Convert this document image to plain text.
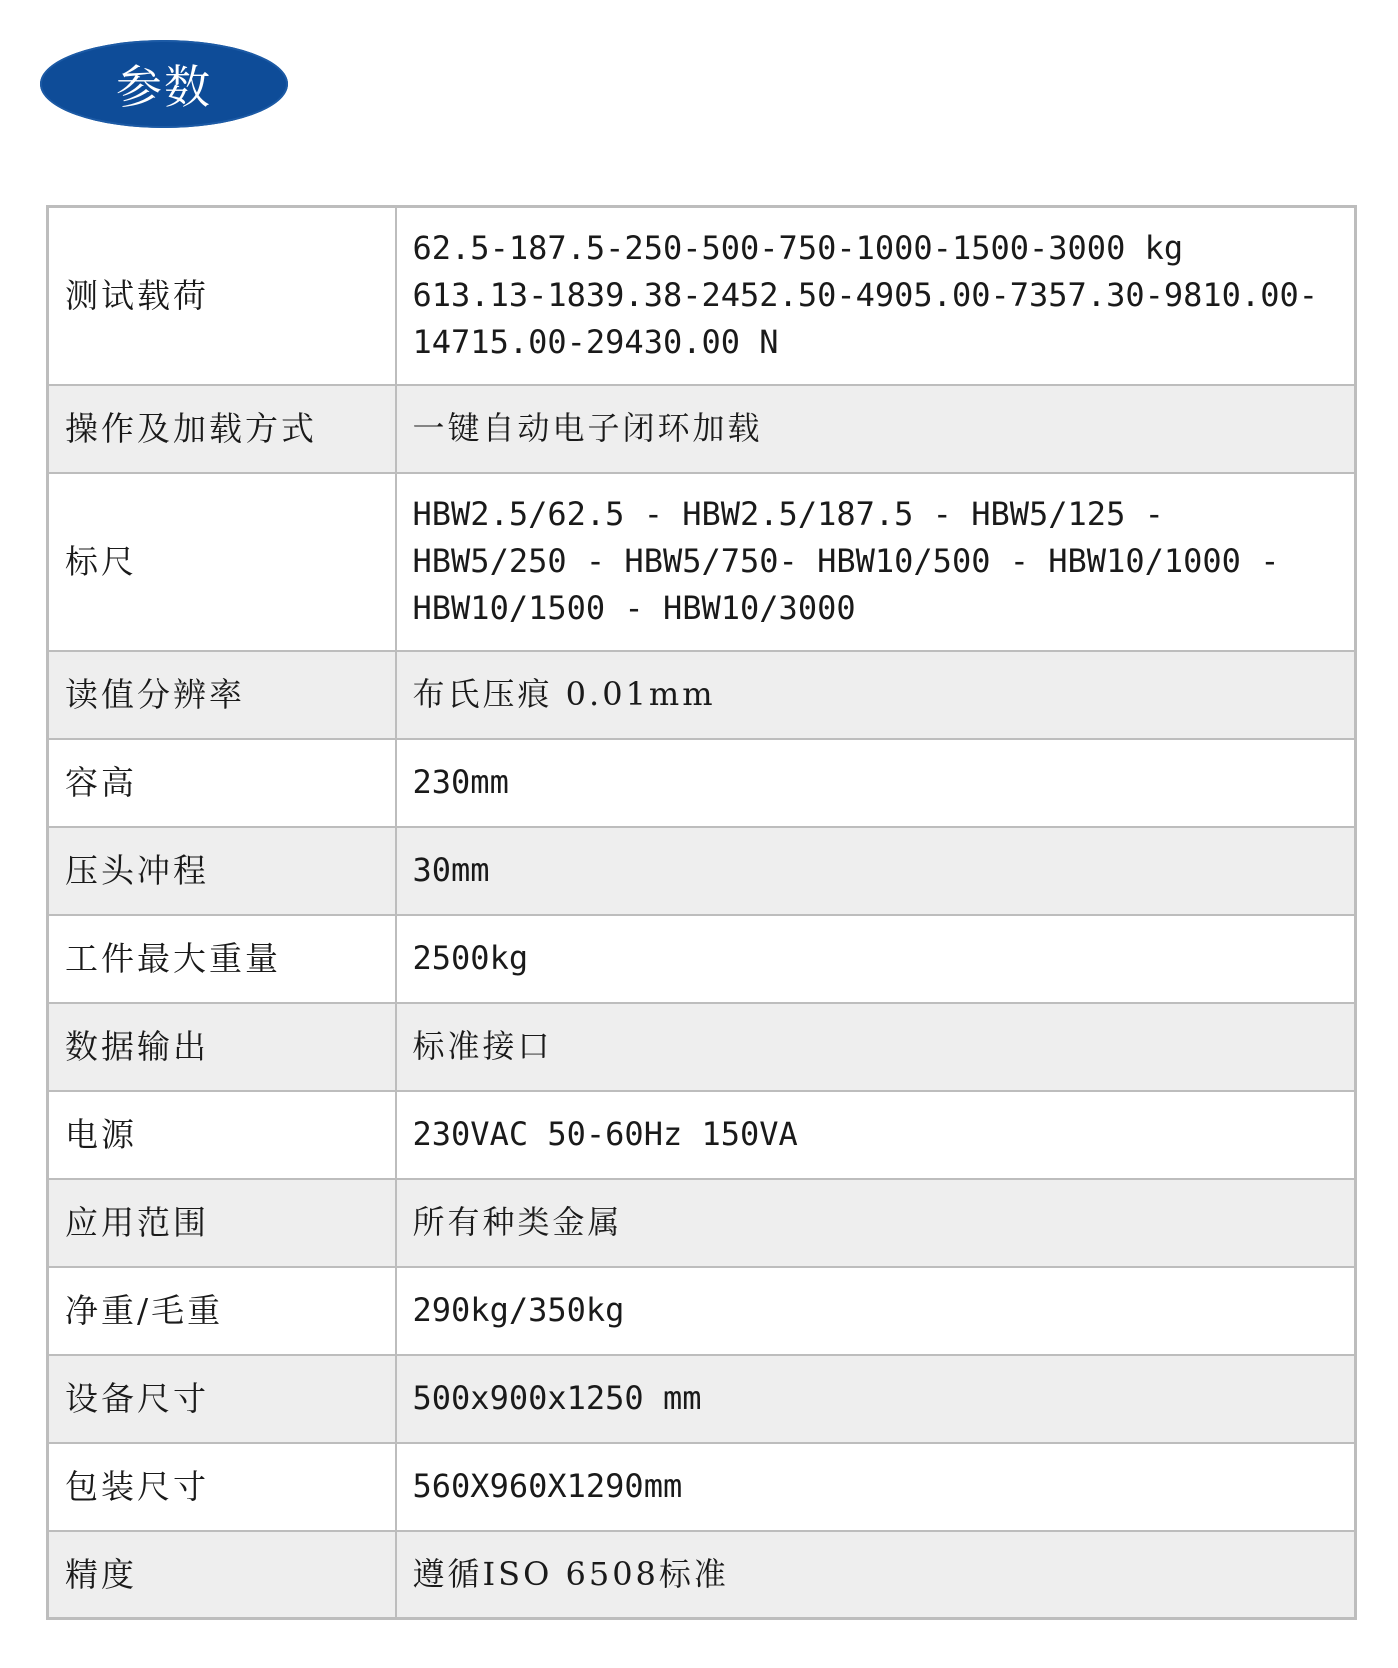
参数
测试载荷	62.5-187.5-250-500-750-1000-1500-3000 kg
613.13-1839.38-2452.50-4905.00-7357.30-9810.00-
14715.00-29430.00 N

操作及加载方式	一键自动电子闭环加载
标尺	HBW2.5/62.5 - HBW2.5/187.5 - HBW5/125 -
HBW5/250 - HBW5/750- HBW10/500 - HBW10/1000 -
HBW10/1500 - HBW10/3000

读值分辨率	布氏压痕 0.01mm
容高	230mm
压头冲程	30mm
工件最大重量	2500kg
数据输出	标准接口
电源	230VAC 50-60Hz 150VA
应用范围	所有种类金属
净重/毛重	290kg/350kg
设备尺寸	500x900x1250 mm
包装尺寸	560X960X1290mm
精度	遵循ISO 6508标准
